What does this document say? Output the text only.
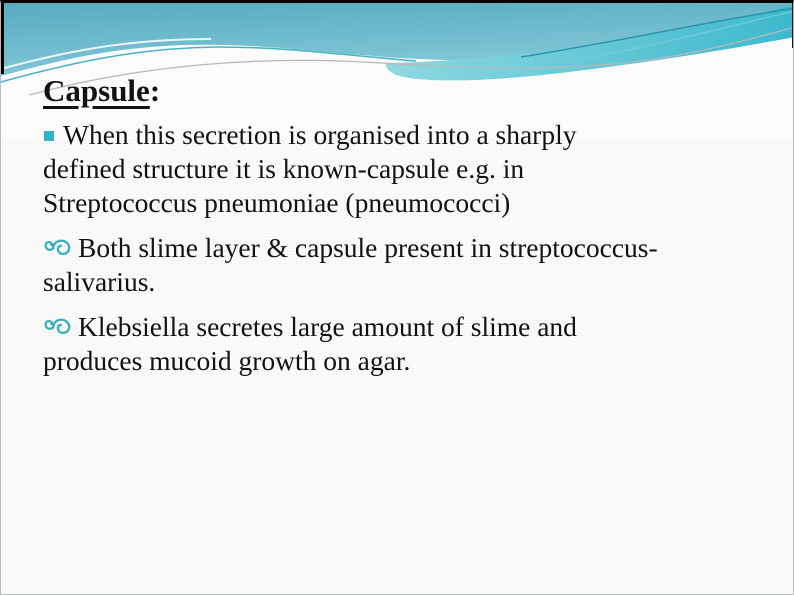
Capsule:

When this secretion is organised into a sharply
defined structure it is known-capsule e.g. in
Streptococcus pneumoniae (pneumococci)

Both slime layer & capsule present in streptococcus-
salivarius.

Klebsiella secretes large amount of slime and
produces mucoid growth on agar.
